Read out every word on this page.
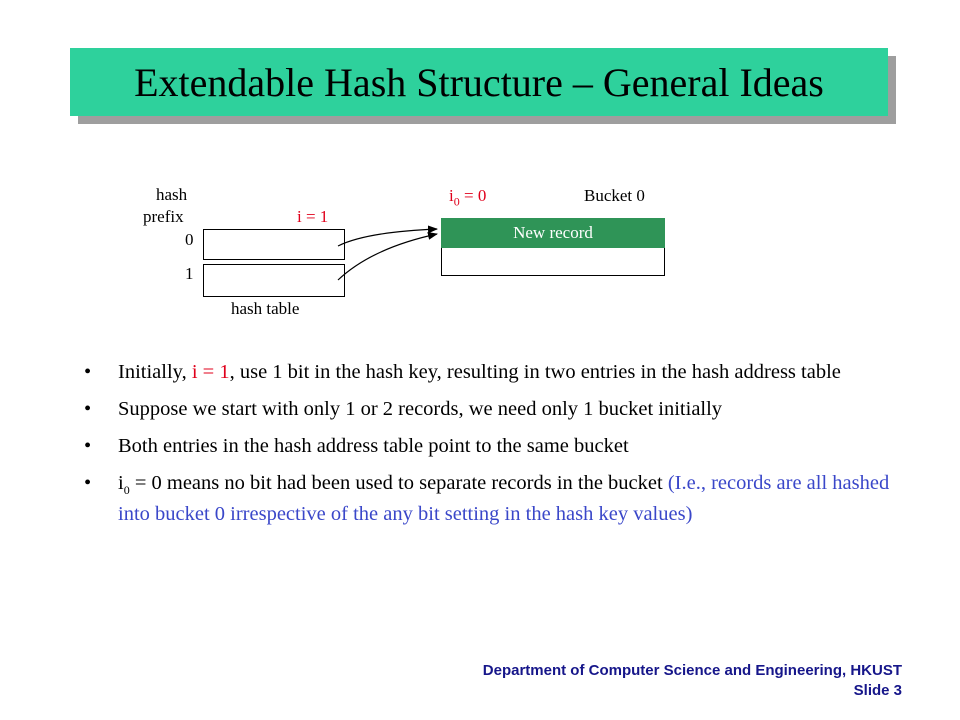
Extendable Hash Structure – General Ideas
hash
prefix
0
1
i = 1
$i_0 = 0$	Bucket 0
hash table
New record
• Initially, i = 1, use 1 bit in the hash key, resulting in two entries in the hash address table
• Suppose we start with only 1 or 2 records, we need only 1 bucket initially
• Both entries in the hash address table point to the same bucket
• $i_0 = 0$ means no bit had been used to separate records in the bucket (I.e., records are all hashed into bucket 0 irrespective of the any bit setting in the hash key values)
Department of Computer Science and Engineering, HKUST
Slide 3
